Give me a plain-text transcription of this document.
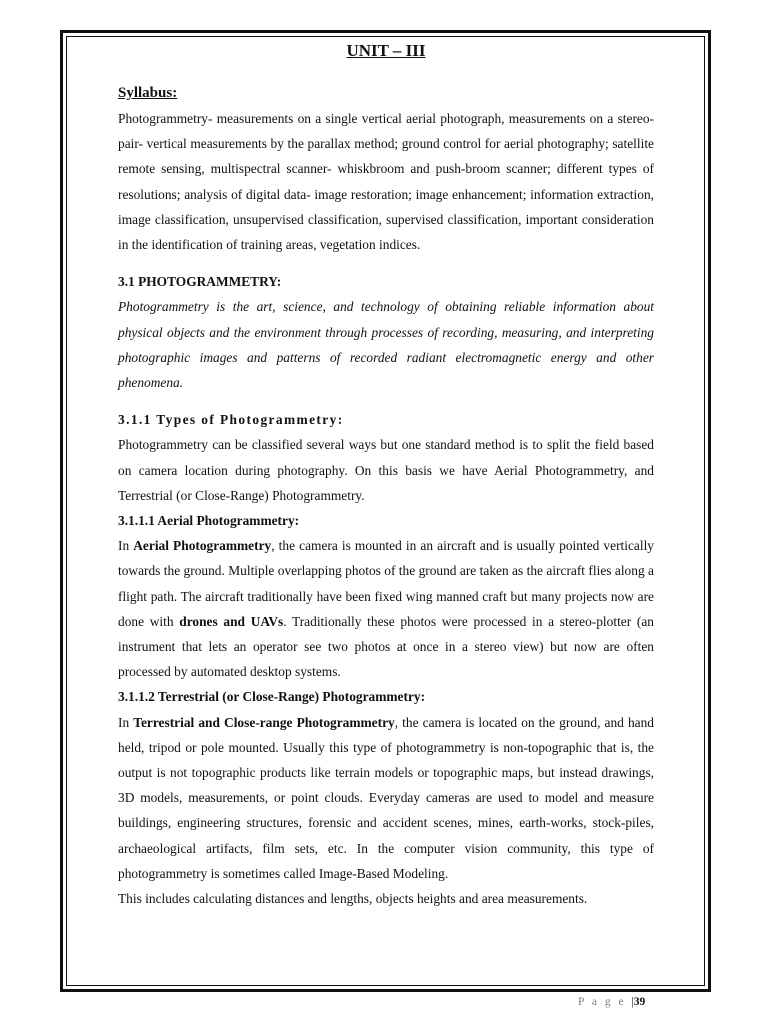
UNIT – III
Syllabus:

Photogrammetry- measurements on a single vertical aerial photograph, measurements on a stereo-pair- vertical measurements by the parallax method; ground control for aerial photography; satellite remote sensing, multispectral scanner- whiskbroom and push-broom scanner; different types of resolutions; analysis of digital data- image restoration; image enhancement; information extraction, image classification, unsupervised classification, supervised classification, important consideration in the identification of training areas, vegetation indices.

3.1 PHOTOGRAMMETRY:

Photogrammetry is the art, science, and technology of obtaining reliable information about physical objects and the environment through processes of recording, measuring, and interpreting photographic images and patterns of recorded radiant electromagnetic energy and other phenomena.

3.1.1 Types of Photogrammetry:

Photogrammetry can be classified several ways but one standard method is to split the field based on camera location during photography. On this basis we have Aerial Photogrammetry, and Terrestrial (or Close-Range) Photogrammetry.

3.1.1.1 Aerial Photogrammetry:

In Aerial Photogrammetry, the camera is mounted in an aircraft and is usually pointed vertically towards the ground. Multiple overlapping photos of the ground are taken as the aircraft flies along a flight path. The aircraft traditionally have been fixed wing manned craft but many projects now are done with drones and UAVs. Traditionally these photos were processed in a stereo-plotter (an instrument that lets an operator see two photos at once in a stereo view) but now are often processed by automated desktop systems.

3.1.1.2 Terrestrial (or Close-Range) Photogrammetry:

In Terrestrial and Close-range Photogrammetry, the camera is located on the ground, and hand held, tripod or pole mounted. Usually this type of photogrammetry is non-topographic that is, the output is not topographic products like terrain models or topographic maps, but instead drawings, 3D models, measurements, or point clouds. Everyday cameras are used to model and measure buildings, engineering structures, forensic and accident scenes, mines, earth-works, stock-piles, archaeological artifacts, film sets, etc. In the computer vision community, this type of photogrammetry is sometimes called Image-Based Modeling.

This includes calculating distances and lengths, objects heights and area measurements.

P a g e |39
